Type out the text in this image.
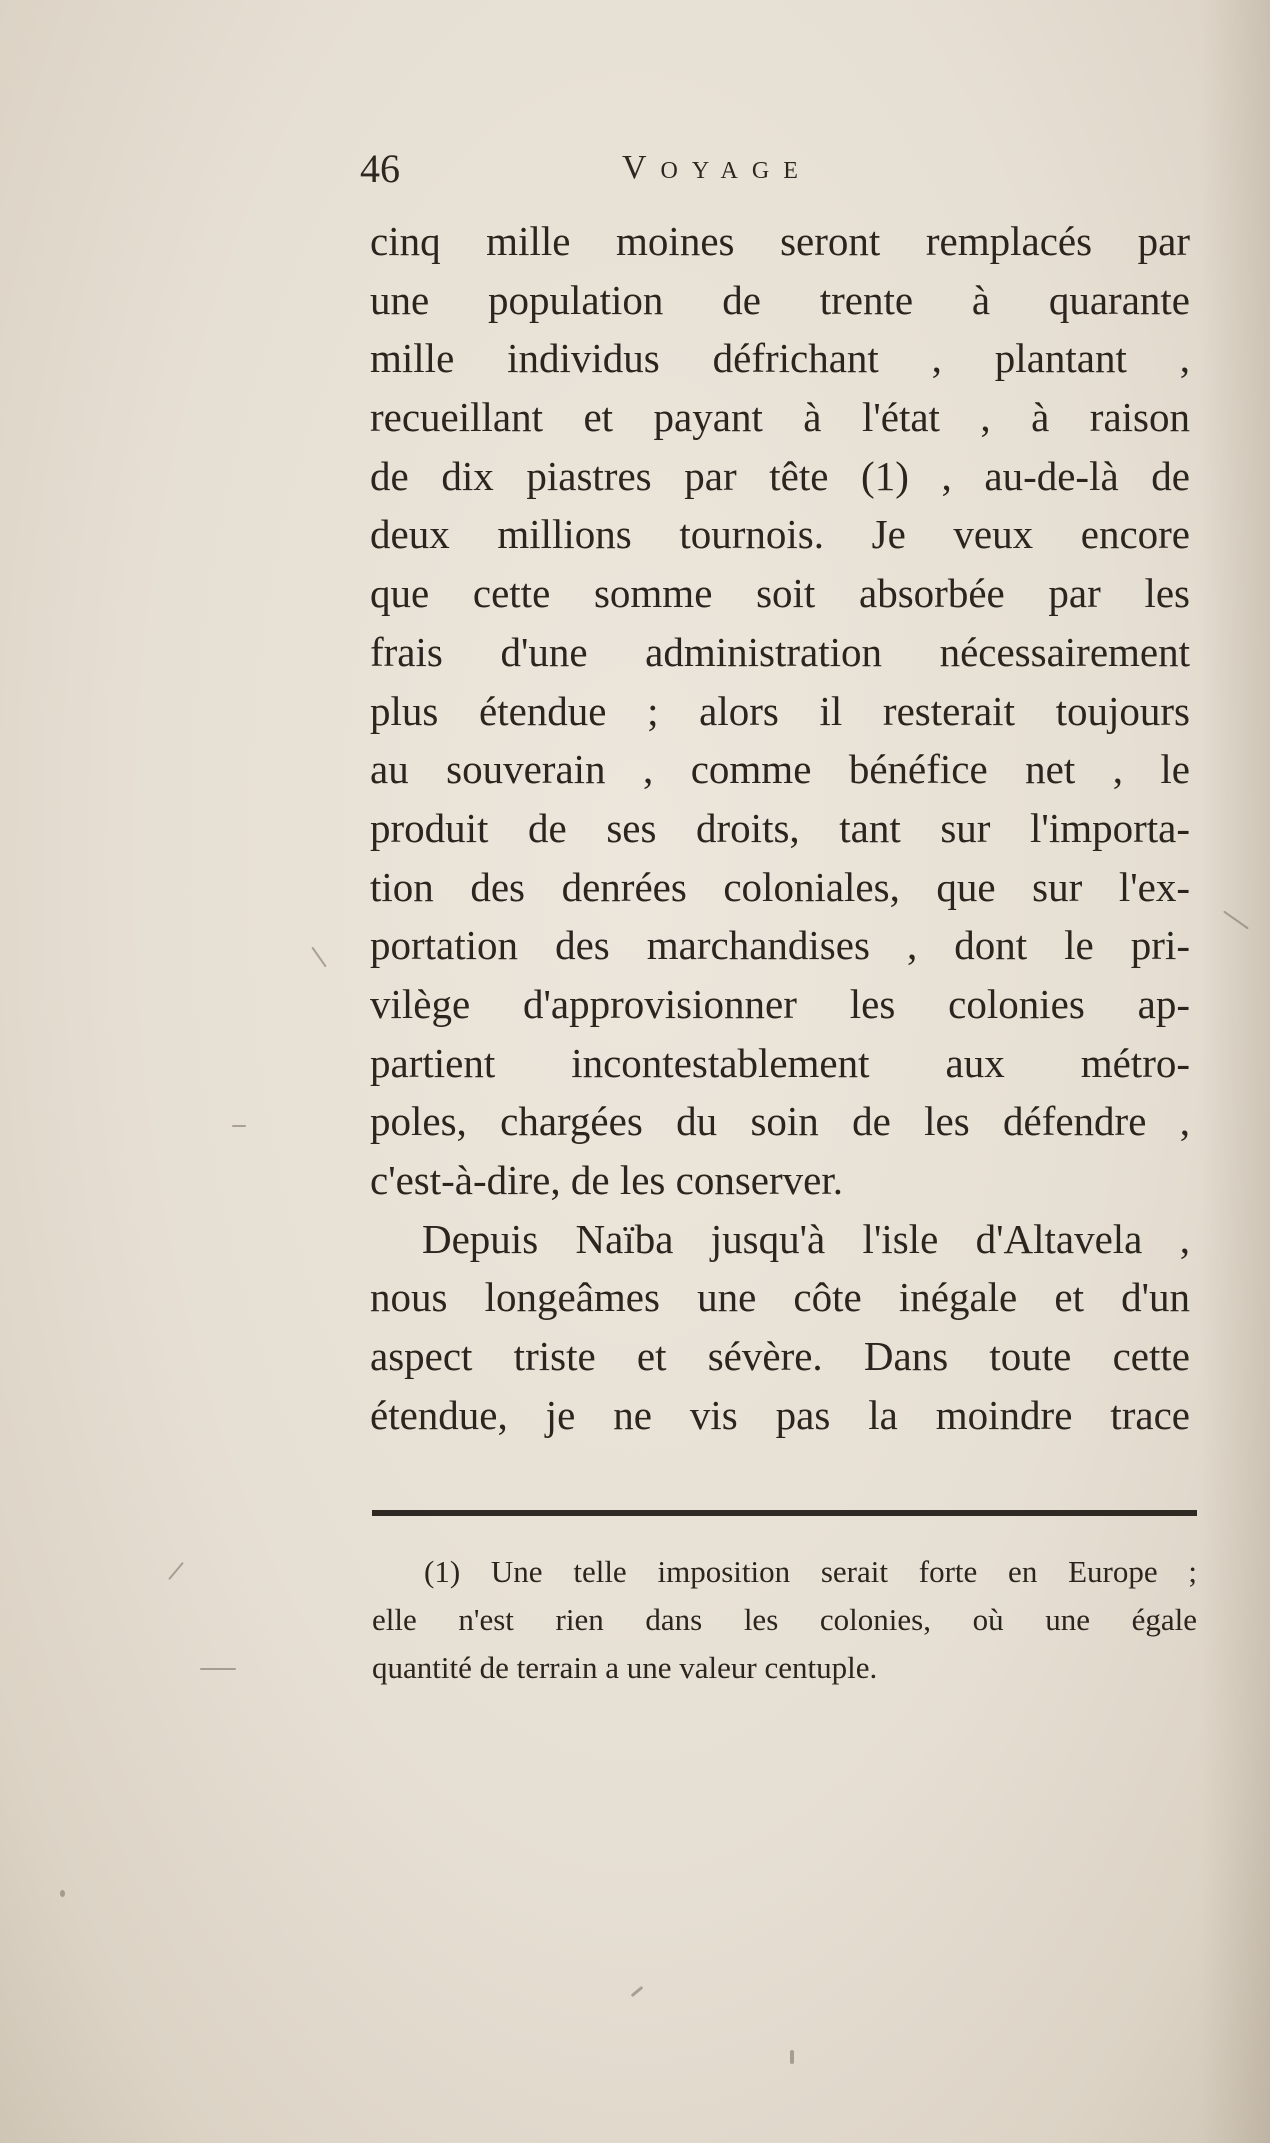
46	Voyage
cinq mille moines seront remplacés par
une population de trente à quarante
mille individus défrichant , plantant ,
recueillant et payant à l'état , à raison
de dix piastres par tête (1) , au-de-là de
deux millions tournois. Je veux encore
que cette somme soit absorbée par les
frais d'une administration nécessairement
plus étendue ; alors il resterait toujours
au souverain , comme bénéfice net , le
produit de ses droits, tant sur l'importa-
tion des denrées coloniales, que sur l'ex-
portation des marchandises , dont le pri-
vilège d'approvisionner les colonies ap-
partient incontestablement aux métro-
poles, chargées du soin de les défendre ,
c'est-à-dire, de les conserver.
Depuis Naïba jusqu'à l'isle d'Altavela ,
nous longeâmes une côte inégale et d'un
aspect triste et sévère. Dans toute cette
étendue, je ne vis pas la moindre trace
(1) Une telle imposition serait forte en Europe ;
elle n'est rien dans les colonies, où une égale
quantité de terrain a une valeur centuple.
